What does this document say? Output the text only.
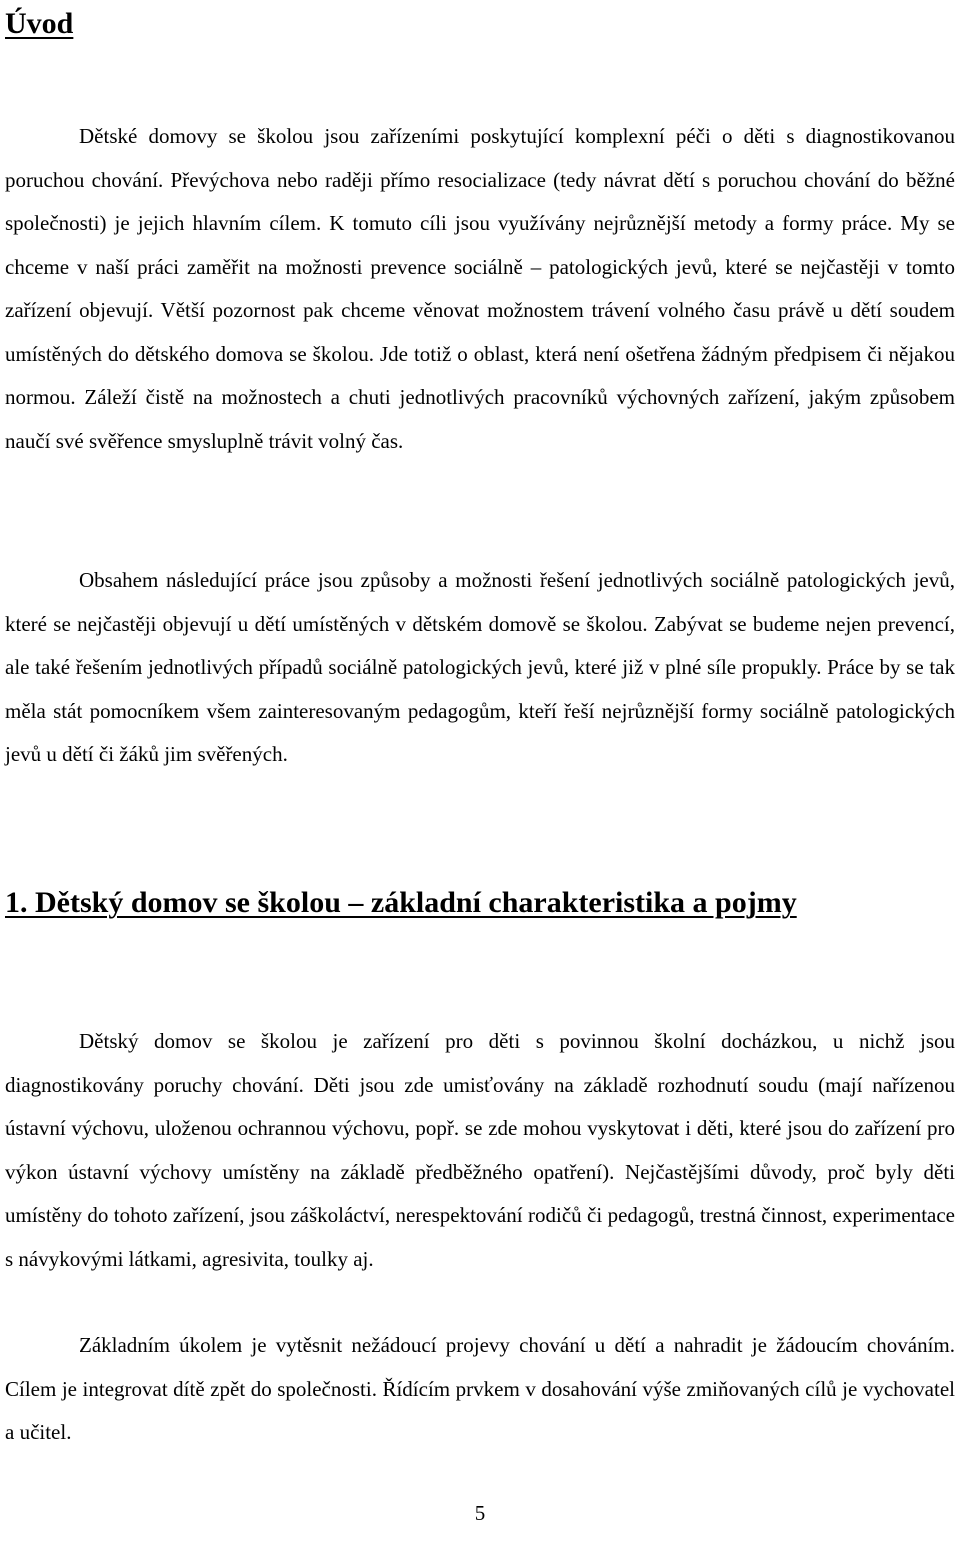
Úvod

Dětské domovy se školou jsou zařízeními poskytující komplexní péči o děti s diagnostikovanou poruchou chování. Převýchova nebo raději přímo resocializace (tedy návrat dětí s poruchou chování do běžné společnosti) je jejich hlavním cílem. K tomuto cíli jsou využívány nejrůznější metody a formy práce. My se chceme v naší práci zaměřit na možnosti prevence sociálně – patologických jevů, které se nejčastěji v tomto zařízení objevují. Větší pozornost pak chceme věnovat možnostem trávení volného času právě u dětí soudem umístěných do dětského domova se školou. Jde totiž o oblast, která není ošetřena žádným předpisem či nějakou normou. Záleží čistě na možnostech a chuti jednotlivých pracovníků výchovných zařízení, jakým způsobem naučí své svěřence smysluplně trávit volný čas.

Obsahem následující práce jsou způsoby a možnosti řešení jednotlivých sociálně patologických jevů, které se nejčastěji objevují u dětí umístěných v dětském domově se školou. Zabývat se budeme nejen prevencí, ale také řešením jednotlivých případů sociálně patologických jevů, které již v plné síle propukly. Práce by se tak měla stát pomocníkem všem zainteresovaným pedagogům, kteří řeší nejrůznější formy sociálně patologických jevů u dětí či žáků jim svěřených.

1. Dětský domov se školou – základní charakteristika a pojmy

Dětský domov se školou je zařízení pro děti s povinnou školní docházkou, u nichž jsou diagnostikovány poruchy chování. Děti jsou zde umisťovány na základě rozhodnutí soudu (mají nařízenou ústavní výchovu, uloženou ochrannou výchovu, popř. se zde mohou vyskytovat i děti, které jsou do zařízení pro výkon ústavní výchovy umístěny na základě předběžného opatření). Nejčastějšími důvody, proč byly děti umístěny do tohoto zařízení, jsou záškoláctví, nerespektování rodičů či pedagogů, trestná činnost, experimentace s návykovými látkami, agresivita, toulky aj.

Základním úkolem je vytěsnit nežádoucí projevy chování u dětí a nahradit je žádoucím chováním. Cílem je integrovat dítě zpět do společnosti. Řídícím prvkem v dosahování výše zmiňovaných cílů je vychovatel a učitel.

5
